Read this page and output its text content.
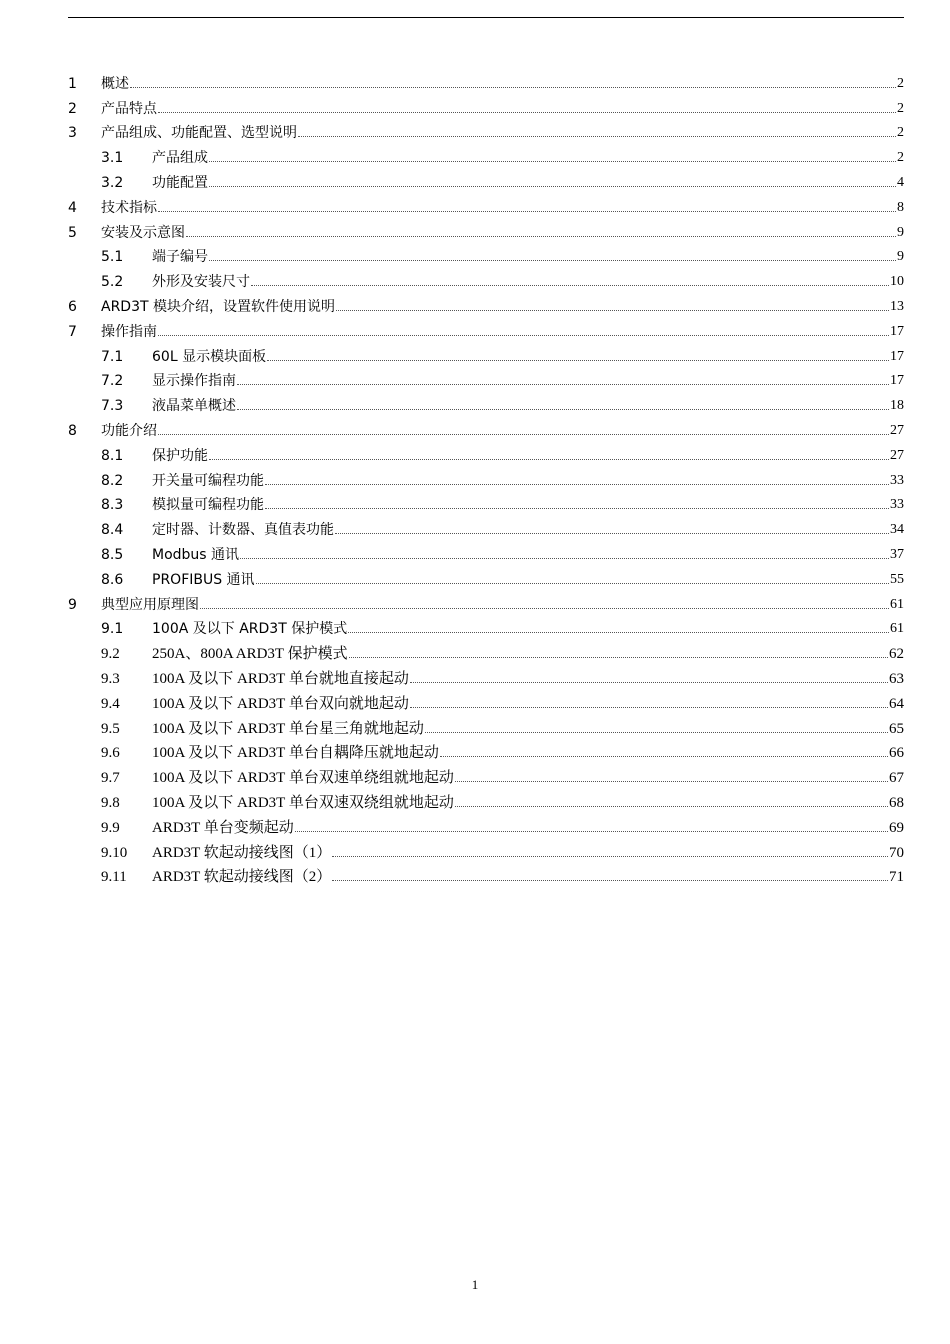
1	概述	2
2	产品特点	2
3	产品组成、功能配置、选型说明	2
3.1	产品组成	2
3.2	功能配置	4
4	技术指标	8
5	安装及示意图	9
5.1	端子编号	9
5.2	外形及安装尺寸	10
6	ARD3T 模块介绍，设置软件使用说明	13
7	操作指南	17
7.1	60L 显示模块面板	17
7.2	显示操作指南	17
7.3	液晶菜单概述	18
8	功能介绍	27
8.1	保护功能	27
8.2	开关量可编程功能	33
8.3	模拟量可编程功能	33
8.4	定时器、计数器、真值表功能	34
8.5	Modbus 通讯	37
8.6	PROFIBUS 通讯	55
9	典型应用原理图	61
9.1	100A 及以下 ARD3T 保护模式	61
9.2	250A、800A ARD3T 保护模式	62
9.3	100A 及以下 ARD3T 单台就地直接起动	63
9.4	100A 及以下 ARD3T 单台双向就地起动	64
9.5	100A 及以下 ARD3T 单台星三角就地起动	65
9.6	100A 及以下 ARD3T 单台自耦降压就地起动	66
9.7	100A 及以下 ARD3T 单台双速单绕组就地起动	67
9.8	100A 及以下 ARD3T 单台双速双绕组就地起动	68
9.9	ARD3T 单台变频起动	69
9.10	ARD3T 软起动接线图（1）	70
9.11	ARD3T 软起动接线图（2）	71
1
